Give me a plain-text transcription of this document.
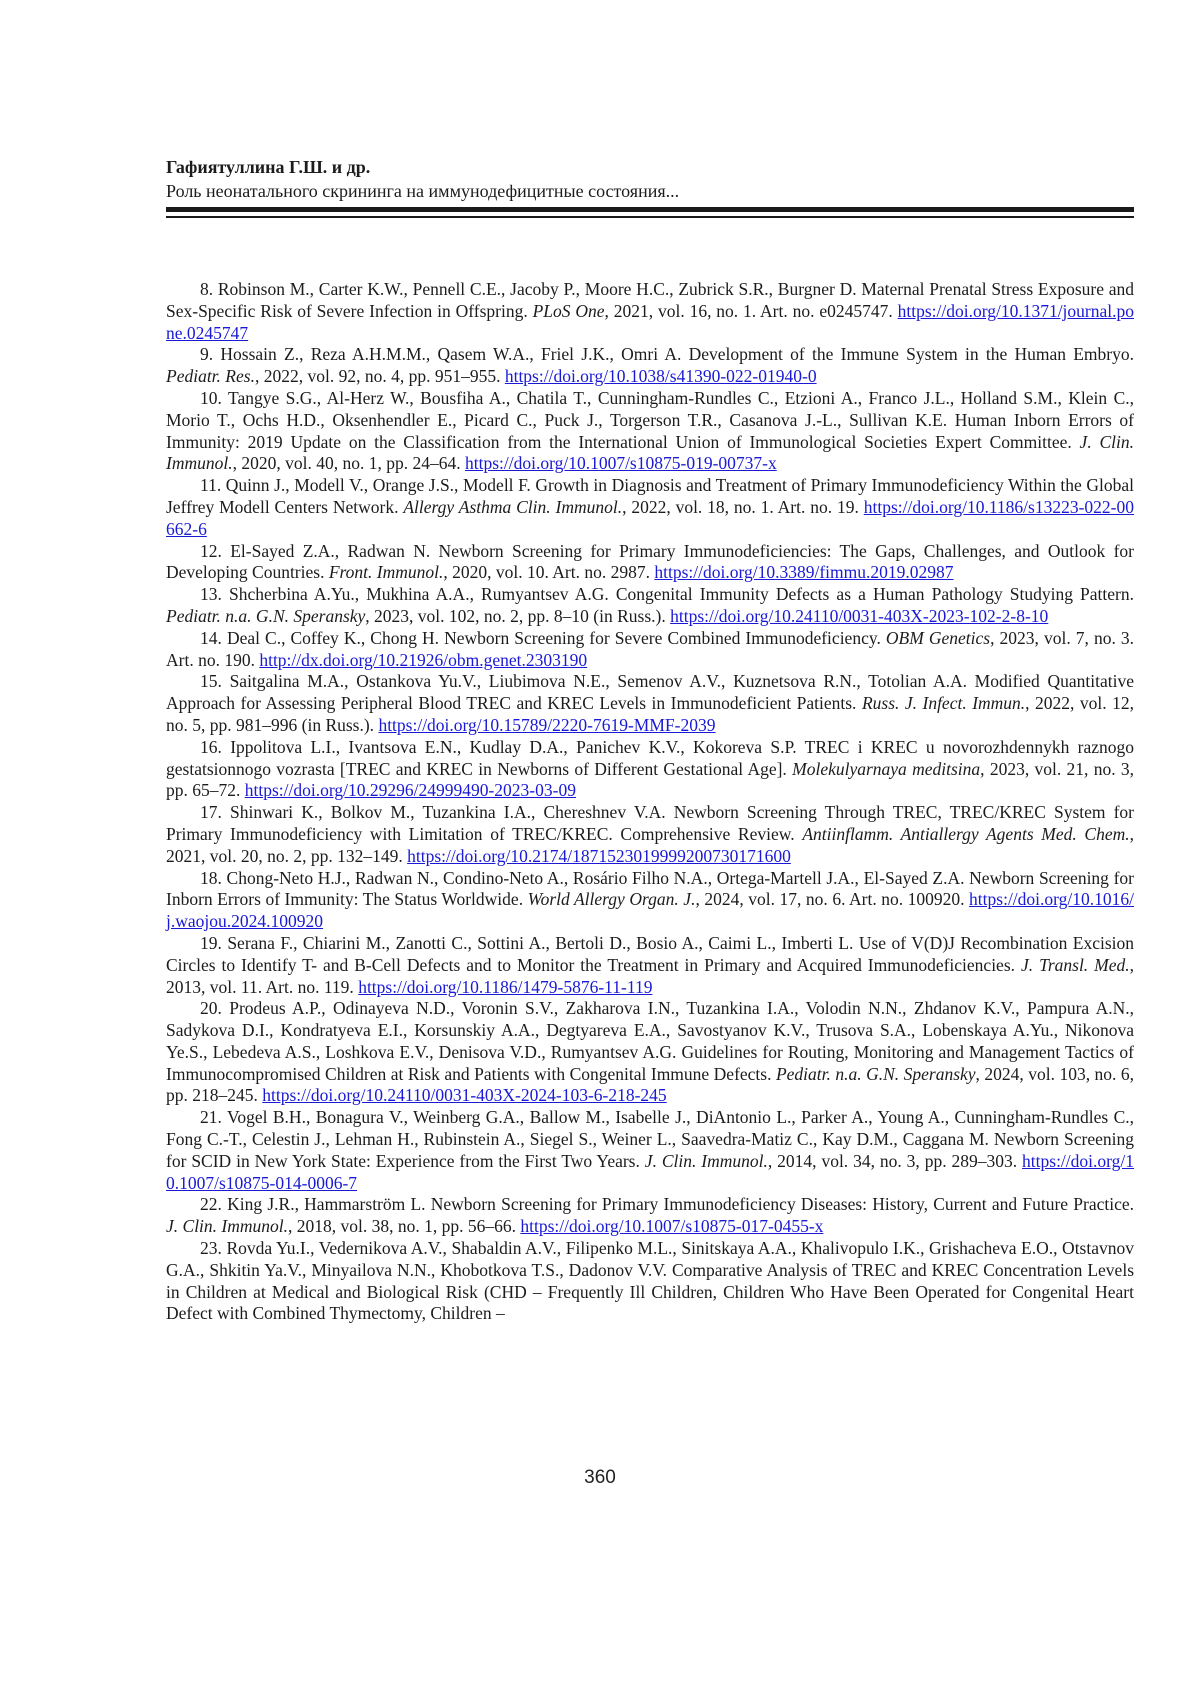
Гафиятуллина Г.Ш. и др.
Роль неонатального скрининга на иммунодефицитные состояния...

8. Robinson M., Carter K.W., Pennell C.E., Jacoby P., Moore H.C., Zubrick S.R., Burgner D. Maternal Prenatal Stress Exposure and Sex-Specific Risk of Severe Infection in Offspring. PLoS One, 2021, vol. 16, no. 1. Art. no. e0245747. https://doi.org/10.1371/journal.pone.0245747

9. Hossain Z., Reza A.H.M.M., Qasem W.A., Friel J.K., Omri A. Development of the Immune System in the Human Embryo. Pediatr. Res., 2022, vol. 92, no. 4, pp. 951–955. https://doi.org/10.1038/s41390-022-01940-0

10. Tangye S.G., Al-Herz W., Bousfiha A., Chatila T., Cunningham-Rundles C., Etzioni A., Franco J.L., Holland S.M., Klein C., Morio T., Ochs H.D., Oksenhendler E., Picard C., Puck J., Torgerson T.R., Casanova J.-L., Sullivan K.E. Human Inborn Errors of Immunity: 2019 Update on the Classification from the International Union of Immunological Societies Expert Committee. J. Clin. Immunol., 2020, vol. 40, no. 1, pp. 24–64. https://doi.org/10.1007/s10875-019-00737-x

11. Quinn J., Modell V., Orange J.S., Modell F. Growth in Diagnosis and Treatment of Primary Immunodeficiency Within the Global Jeffrey Modell Centers Network. Allergy Asthma Clin. Immunol., 2022, vol. 18, no. 1. Art. no. 19. https://doi.org/10.1186/s13223-022-00662-6

12. El-Sayed Z.A., Radwan N. Newborn Screening for Primary Immunodeficiencies: The Gaps, Challenges, and Outlook for Developing Countries. Front. Immunol., 2020, vol. 10. Art. no. 2987. https://doi.org/10.3389/fimmu.2019.02987

13. Shcherbina A.Yu., Mukhina A.A., Rumyantsev A.G. Congenital Immunity Defects as a Human Pathology Studying Pattern. Pediatr. n.a. G.N. Speransky, 2023, vol. 102, no. 2, pp. 8–10 (in Russ.). https://doi.org/10.24110/0031-403X-2023-102-2-8-10

14. Deal C., Coffey K., Chong H. Newborn Screening for Severe Combined Immunodeficiency. OBM Genetics, 2023, vol. 7, no. 3. Art. no. 190. http://dx.doi.org/10.21926/obm.genet.2303190

15. Saitgalina M.A., Ostankova Yu.V., Liubimova N.E., Semenov A.V., Kuznetsova R.N., Totolian A.A. Modified Quantitative Approach for Assessing Peripheral Blood TREC and KREC Levels in Immunodeficient Patients. Russ. J. Infect. Immun., 2022, vol. 12, no. 5, pp. 981–996 (in Russ.). https://doi.org/10.15789/2220-7619-MMF-2039

16. Ippolitova L.I., Ivantsova E.N., Kudlay D.A., Panichev K.V., Kokoreva S.P. TREC i KREC u novorozhdennykh raznogo gestatsionnogo vozrasta [TREC and KREC in Newborns of Different Gestational Age]. Molekulyarnaya meditsina, 2023, vol. 21, no. 3, pp. 65–72. https://doi.org/10.29296/24999490-2023-03-09

17. Shinwari K., Bolkov M., Tuzankina I.A., Chereshnev V.A. Newborn Screening Through TREC, TREC/KREC System for Primary Immunodeficiency with Limitation of TREC/KREC. Comprehensive Review. Antiinflamm. Antiallergy Agents Med. Chem., 2021, vol. 20, no. 2, pp. 132–149. https://doi.org/10.2174/1871523019999200730171600

18. Chong-Neto H.J., Radwan N., Condino-Neto A., Rosário Filho N.A., Ortega-Martell J.A., El-Sayed Z.A. Newborn Screening for Inborn Errors of Immunity: The Status Worldwide. World Allergy Organ. J., 2024, vol. 17, no. 6. Art. no. 100920. https://doi.org/10.1016/j.waojou.2024.100920

19. Serana F., Chiarini M., Zanotti C., Sottini A., Bertoli D., Bosio A., Caimi L., Imberti L. Use of V(D)J Recombination Excision Circles to Identify T- and B-Cell Defects and to Monitor the Treatment in Primary and Acquired Immunodeficiencies. J. Transl. Med., 2013, vol. 11. Art. no. 119. https://doi.org/10.1186/1479-5876-11-119

20. Prodeus A.P., Odinayeva N.D., Voronin S.V., Zakharova I.N., Tuzankina I.A., Volodin N.N., Zhdanov K.V., Pampura A.N., Sadykova D.I., Kondratyeva E.I., Korsunskiy A.A., Degtyareva E.A., Savostyanov K.V., Trusova S.A., Lobenskaya A.Yu., Nikonova Ye.S., Lebedeva A.S., Loshkova E.V., Denisova V.D., Rumyantsev A.G. Guidelines for Routing, Monitoring and Management Tactics of Immunocompromised Children at Risk and Patients with Congenital Immune Defects. Pediatr. n.a. G.N. Speransky, 2024, vol. 103, no. 6, pp. 218–245. https://doi.org/10.24110/0031-403X-2024-103-6-218-245

21. Vogel B.H., Bonagura V., Weinberg G.A., Ballow M., Isabelle J., DiAntonio L., Parker A., Young A., Cunningham-Rundles C., Fong C.-T., Celestin J., Lehman H., Rubinstein A., Siegel S., Weiner L., Saavedra-Matiz C., Kay D.M., Caggana M. Newborn Screening for SCID in New York State: Experience from the First Two Years. J. Clin. Immunol., 2014, vol. 34, no. 3, pp. 289–303. https://doi.org/10.1007/s10875-014-0006-7

22. King J.R., Hammarström L. Newborn Screening for Primary Immunodeficiency Diseases: History, Current and Future Practice. J. Clin. Immunol., 2018, vol. 38, no. 1, pp. 56–66. https://doi.org/10.1007/s10875-017-0455-x

23. Rovda Yu.I., Vedernikova A.V., Shabaldin A.V., Filipenko M.L., Sinitskaya A.A., Khalivopulo I.K., Grishacheva E.O., Otstavnov G.A., Shkitin Ya.V., Minyailova N.N., Khobotkova T.S., Dadonov V.V. Comparative Analysis of TREC and KREC Concentration Levels in Children at Medical and Biological Risk (CHD – Frequently Ill Children, Children Who Have Been Operated for Congenital Heart Defect with Combined Thymectomy, Children –

360
